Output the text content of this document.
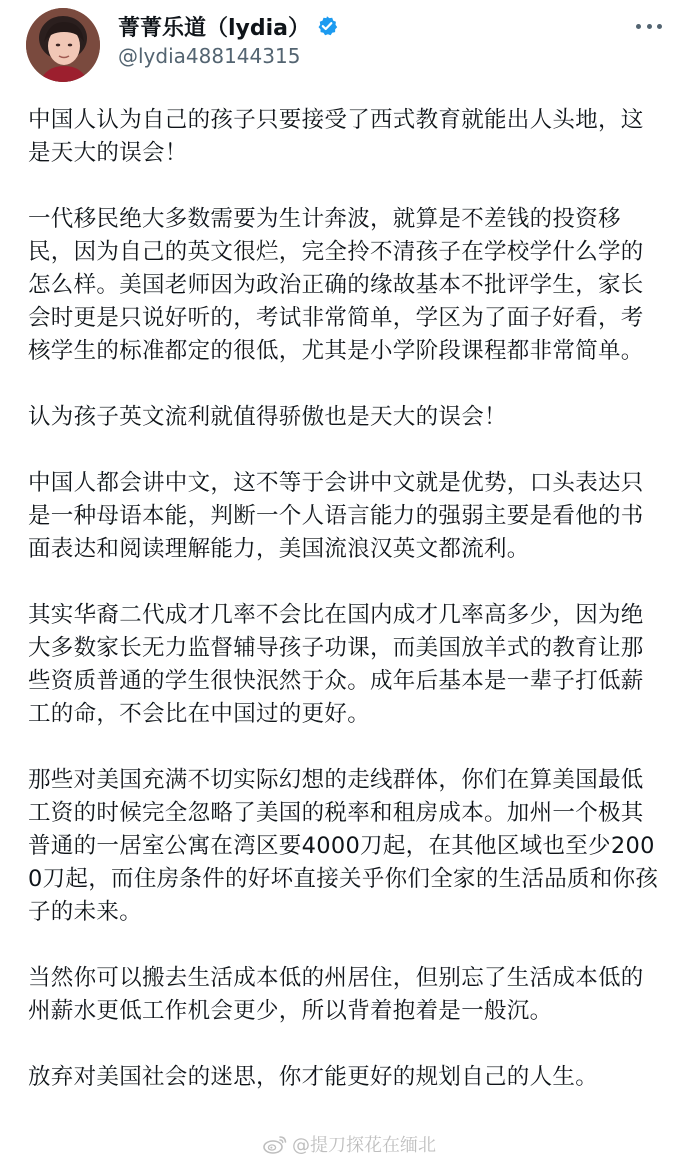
菁菁乐道（lydia）
@lydia488144315

中国人认为自己的孩子只要接受了西式教育就能出人头地，这是天大的误会！

一代移民绝大多数需要为生计奔波，就算是不差钱的投资移民，因为自己的英文很烂，完全拎不清孩子在学校学什么学的怎么样。美国老师因为政治正确的缘故基本不批评学生，家长会时更是只说好听的，考试非常简单，学区为了面子好看，考核学生的标准都定的很低，尤其是小学阶段课程都非常简单。

认为孩子英文流利就值得骄傲也是天大的误会！

中国人都会讲中文，这不等于会讲中文就是优势，口头表达只是一种母语本能，判断一个人语言能力的强弱主要是看他的书面表达和阅读理解能力，美国流浪汉英文都流利。

其实华裔二代成才几率不会比在国内成才几率高多少，因为绝大多数家长无力监督辅导孩子功课，而美国放羊式的教育让那些资质普通的学生很快泯然于众。成年后基本是一辈子打低薪工的命，不会比在中国过的更好。

那些对美国充满不切实际幻想的走线群体，你们在算美国最低工资的时候完全忽略了美国的税率和租房成本。加州一个极其普通的一居室公寓在湾区要4000刀起，在其他区域也至少2000刀起，而住房条件的好坏直接关乎你们全家的生活品质和你孩子的未来。

当然你可以搬去生活成本低的州居住，但别忘了生活成本低的州薪水更低工作机会更少，所以背着抱着是一般沉。

放弃对美国社会的迷思，你才能更好的规划自己的人生。

@提刀探花在缅北
